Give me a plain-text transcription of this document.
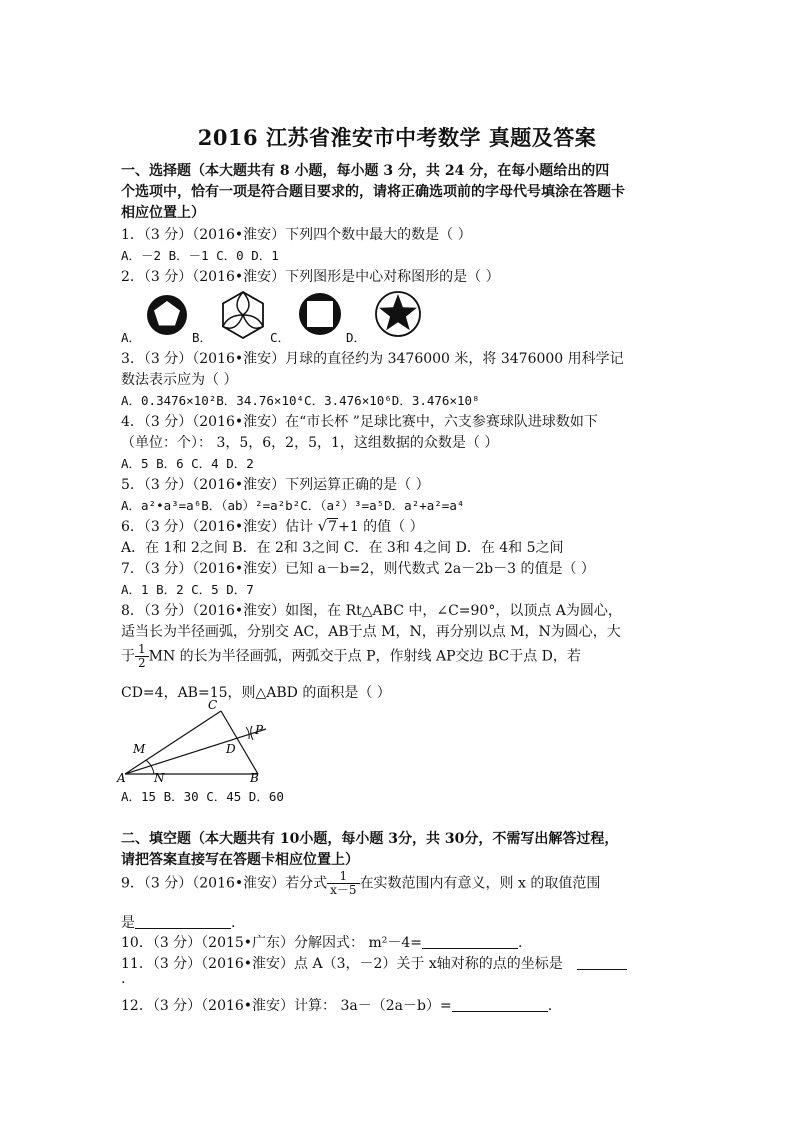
2016 江苏省淮安市中考数学 真题及答案
一、选择题（本大题共有 8 小题，每小题 3 分，共 24 分，在每小题给出的四
个选项中，恰有一项是符合题目要求的，请将正确选项前的字母代号填涂在答题卡
相应位置上）
1．（3 分）（2016•淮安）下列四个数中最大的数是（ ）
A．－2 B．－1 C．0 D．1
2．（3 分）（2016•淮安）下列图形是中心对称图形的是（ ）
A．	B．	C．	D．
3．（3 分）（2016•淮安）月球的直径约为 3476000 米，将 3476000 用科学记
数法表示应为（ ）
A．0.3476×10²B．34.76×10⁴C．3.476×10⁶D．3.476×10⁸
4．（3 分）（2016•淮安）在“市长杯 ”足球比赛中，六支参赛球队进球数如下
（单位：个）： 3，5，6，2，5，1，这组数据的众数是（ ）
A．5 B．6 C．4 D．2
5．（3 分）（2016•淮安）下列运算正确的是（ ）
A．a²•a³=a⁶B．（ab）²=a²b²C．（a²）³=a⁵D．a²+a²=a⁴
6．（3 分）（2016•淮安）估计 √7+1 的值（ ）
A．在 1和 2之间 B．在 2和 3之间 C．在 3和 4之间 D．在 4和 5之间
7．（3 分）（2016•淮安）已知 a－b=2，则代数式 2a－2b－3 的值是（ ）
A．1 B．2 C．5 D．7
8．（3 分）（2016•淮安）如图，在 Rt△ABC 中，∠C=90°，以顶点 A为圆心，
适当长为半径画弧，分别交 AC，AB于点 M，N，再分别以点 M，N为圆心，大
于 $\frac{1}{2}$ MN 的长为半径画弧，两弧交于点 P，作射线 AP交边 BC于点 D，若
CD=4，AB=15，则△ABD 的面积是（ ）
A	B
C
D
M
N
P
A．15 B．30 C．45 D．60
二、填空题（本大题共有 10小题，每小题 3分，共 30分，不需写出解答过程，
请把答案直接写在答题卡相应位置上）
9．（3 分）（2016•淮安）若分式 $\frac{1}{x-5}$ 在实数范围内有意义，则 x 的取值范围
是	.
10．（3 分）（2015•广东）分解因式： m²－4=	.
11．（3 分）（2016•淮安）点 A（3，－2）关于 x轴对称的点的坐标是
.
12．（3 分）（2016•淮安）计算： 3a－（2a－b）=	.
